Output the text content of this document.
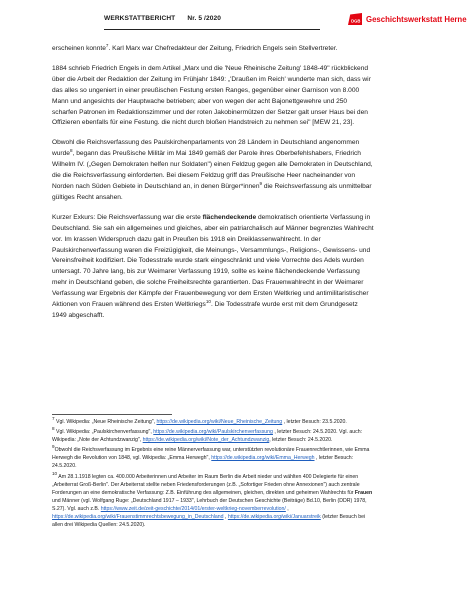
WERKSTATTBERICHT Nr. 5 /2020	DGB Geschichtswerkstatt Herne

erscheinen konnte$^7$. Karl Marx war Chefredakteur der Zeitung, Friedrich Engels sein Stellvertreter.

1884 schrieb Friedrich Engels in dem Artikel „Marx und die 'Neue Rheinische Zeitung' 1848-49" rückblickend über die Arbeit der Redaktion der Zeitung im Frühjahr 1849: „'Draußen im Reich' wunderte man sich, dass wir das alles so ungeniert in einer preußischen Festung ersten Ranges, gegenüber einer Garnison von 8.000 Mann und angesichts der Hauptwache betrieben; aber von wegen der acht Bajonettgewehre und 250 scharfen Patronen im Redaktionszimmer und der roten Jakobinermützen der Setzer galt unser Haus bei den Offizieren ebenfalls für eine Festung. die nicht durch bloßen Handstreich zu nehmen sei" [MEW 21, 23].

Obwohl die Reichsverfassung des Paulskirchenparlaments von 28 Ländern in Deutschland angenommen wurde$^8$, begann das Preußische Militär im Mai 1849 gemäß der Parole ihres Oberbefehlshabers, Friedrich Wilhelm IV. („Gegen Demokraten helfen nur Soldaten") einen Feldzug gegen alle Demokraten in Deutschland, die die Reichsverfassung einforderten. Bei diesem Feldzug griff das Preußische Heer nacheinander von Norden nach Süden Gebiete in Deutschland an, in denen Bürger*innen$^9$ die Reichsverfassung als unmittelbar gültiges Recht ansahen.

Kurzer Exkurs: Die Reichsverfassung war die erste flächendeckende demokratisch orientierte Verfassung in Deutschland. Sie sah ein allgemeines und gleiches, aber ein patriarchalisch auf Männer begrenztes Wahlrecht vor. Im krassen Widerspruch dazu galt in Preußen bis 1918 ein Dreiklassenwahlrecht. In der Paulskirchenverfassung waren die Freizügigkeit, die Meinungs-, Versammlungs-, Religions-, Gewissens- und Vereinsfreiheit kodifiziert. Die Todesstrafe wurde stark eingeschränkt und viele Vorrechte des Adels wurden untersagt. 70 Jahre lang, bis zur Weimarer Verfassung 1919, sollte es keine flächendeckende Verfassung mehr in Deutschland geben, die solche Freiheitsrechte garantierten. Das Frauenwahlrecht in der Weimarer Verfassung war Ergebnis der Kämpfe der Frauenbewegung vor dem Ersten Weltkrieg und antimilitaristischer Aktionen von Frauen während des Ersten Weltkriegs$^{10}$. Die Todesstrafe wurde erst mit dem Grundgesetz 1949 abgeschafft.

$^7$ Vgl. Wikipedia: „Neue Rheinische Zeitung", https://de.wikipedia.org/wiki/Neue_Rheinische_Zeitung , letzter Besuch: 23.5.2020.
$^8$ Vgl. Wikipedia: „Paulskirchenverfassung", https://de.wikipedia.org/wiki/Paulskirchenverfassung , letzter Besuch: 24.5.2020. Vgl. auch: Wikipedia: „Note der Achtundzwanzig", https://de.wikipedia.org/wiki/Note_der_Achtundzwanzig, letzter Besuch: 24.5.2020.
$^9$Obwohl die Reichsverfassung im Ergebnis eine reine Männerverfassung war, unterstützten revolutionäre Frauenrechtlerinnen, wie Emma Herwegh die Revolution von 1848, vgl. Wikipedia: „Emma Herwegh", https://de.wikipedia.org/wiki/Emma_Herwegh , letzter Besuch: 24.5.2020.
$^{10}$ Am 28.1.1918 legten ca. 400.000 Arbeiterinnen und Arbeiter im Raum Berlin die Arbeit nieder und wählten 400 Delegierte für einen „Arbeiterrat Groß-Berlin". Der Arbeiterrat stellte neben Friedensforderungen (z.B. „Sofortiger Frieden ohne Annexionen") auch zentrale Forderungen an eine demokratische Verfassung: Z.B. Einführung des allgemeinen, gleichen, direkten und geheimen Wahlrechts für Frauen und Männer (vgl. Wolfgang Ruge: „Deutschland 1917 – 1933", Lehrbuch der Deutschen Geschichte (Beiträge) Bd.10, Berlin (DDR) 1978, S.27). Vgl. auch z.B. https://www.zeit.de/zeit-geschichte/2014/01/erster-weltkrieg-novemberrevolution/ , https://de.wikipedia.org/wiki/Frauenstimmrechtsbewegung_in_Deutschland , https://de.wikipedia.org/wiki/Januarstreik (letzter Besuch bei allen drei Wikipedia Quellen: 24.5.2020).
